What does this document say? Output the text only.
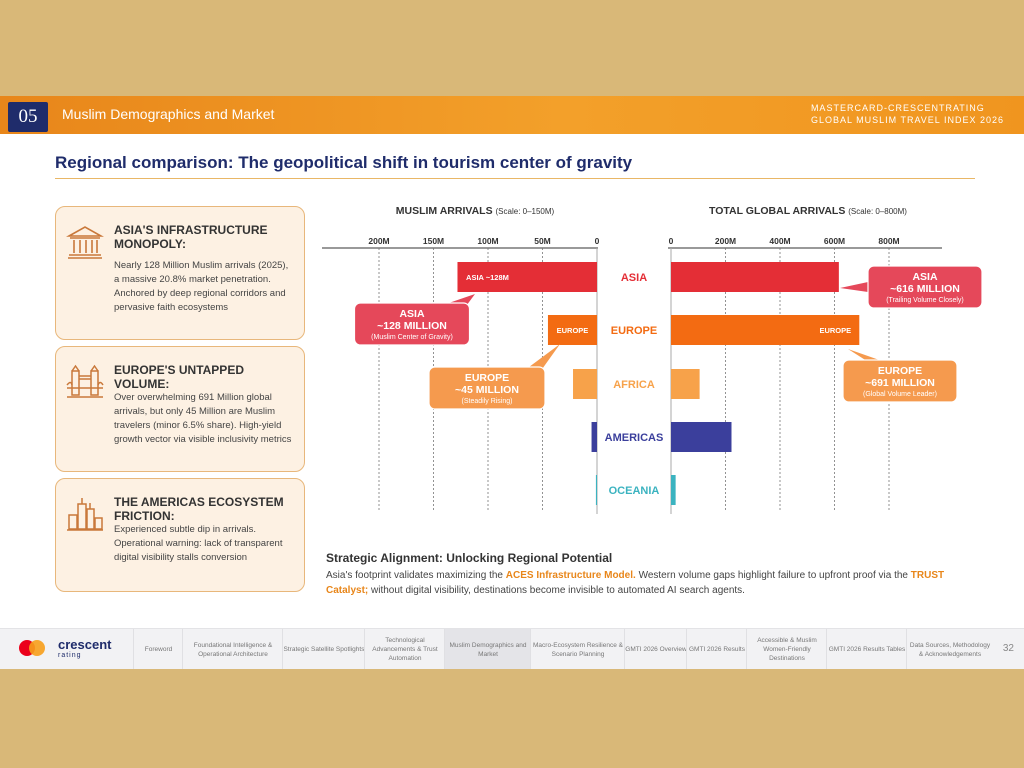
05	Muslim Demographics and Market	MASTERCARD-CRESCENTRATING
GLOBAL MUSLIM TRAVEL INDEX 2026
Regional comparison: The geopolitical shift in tourism center of gravity
ASIA'S INFRASTRUCTURE MONOPOLY:
Nearly 128 Million Muslim arrivals (2025), a massive 20.8% market penetration. Anchored by deep regional corridors and pervasive faith ecosystems
EUROPE'S UNTAPPED VOLUME:
Over overwhelming 691 Million global arrivals, but only 45 Million are Muslim travelers (minor 6.5% share). High-yield growth vector via visible inclusivity metrics
THE AMERICAS ECOSYSTEM FRICTION:
Experienced subtle dip in arrivals. Operational warning: lack of transparent digital visibility stalls conversion
MUSLIM ARRIVALS (Scale: 0–150M)	TOTAL GLOBAL ARRIVALS (Scale: 0–800M)
200M	150M	100M	50M	0	0	200M	400M	600M	800M
ASIA
ASIA ~128M
EUROPE
EUROPE	EUROPE
AFRICA
AMERICAS
OCEANIA
ASIA
~128 MILLION
(Muslim Center of Gravity)
EUROPE
~45 MILLION
(Steadily Rising)
ASIA
~616 MILLION
(Trailing Volume Closely)
EUROPE
~691 MILLION
(Global Volume Leader)
Strategic Alignment: Unlocking Regional Potential
Asia's footprint validates maximizing the ACES Infrastructure Model. Western volume gaps highlight failure to upfront proof via the TRUST Catalyst; without digital visibility, destinations become invisible to automated AI search agents.
crescent
rating
Foreword
Foundational Intelligence & Operational Architecture
Strategic Satellite Spotlights
Technological Advancements & Trust Automation
Muslim Demographics and Market
Macro-Ecosystem Resilience & Scenario Planning
GMTI 2026 Overview GMTI 2026 Results
Accessible & Muslim Women-Friendly Destinations
GMTI 2026 Results Tables
Data Sources, Methodology & Acknowledgements	32
